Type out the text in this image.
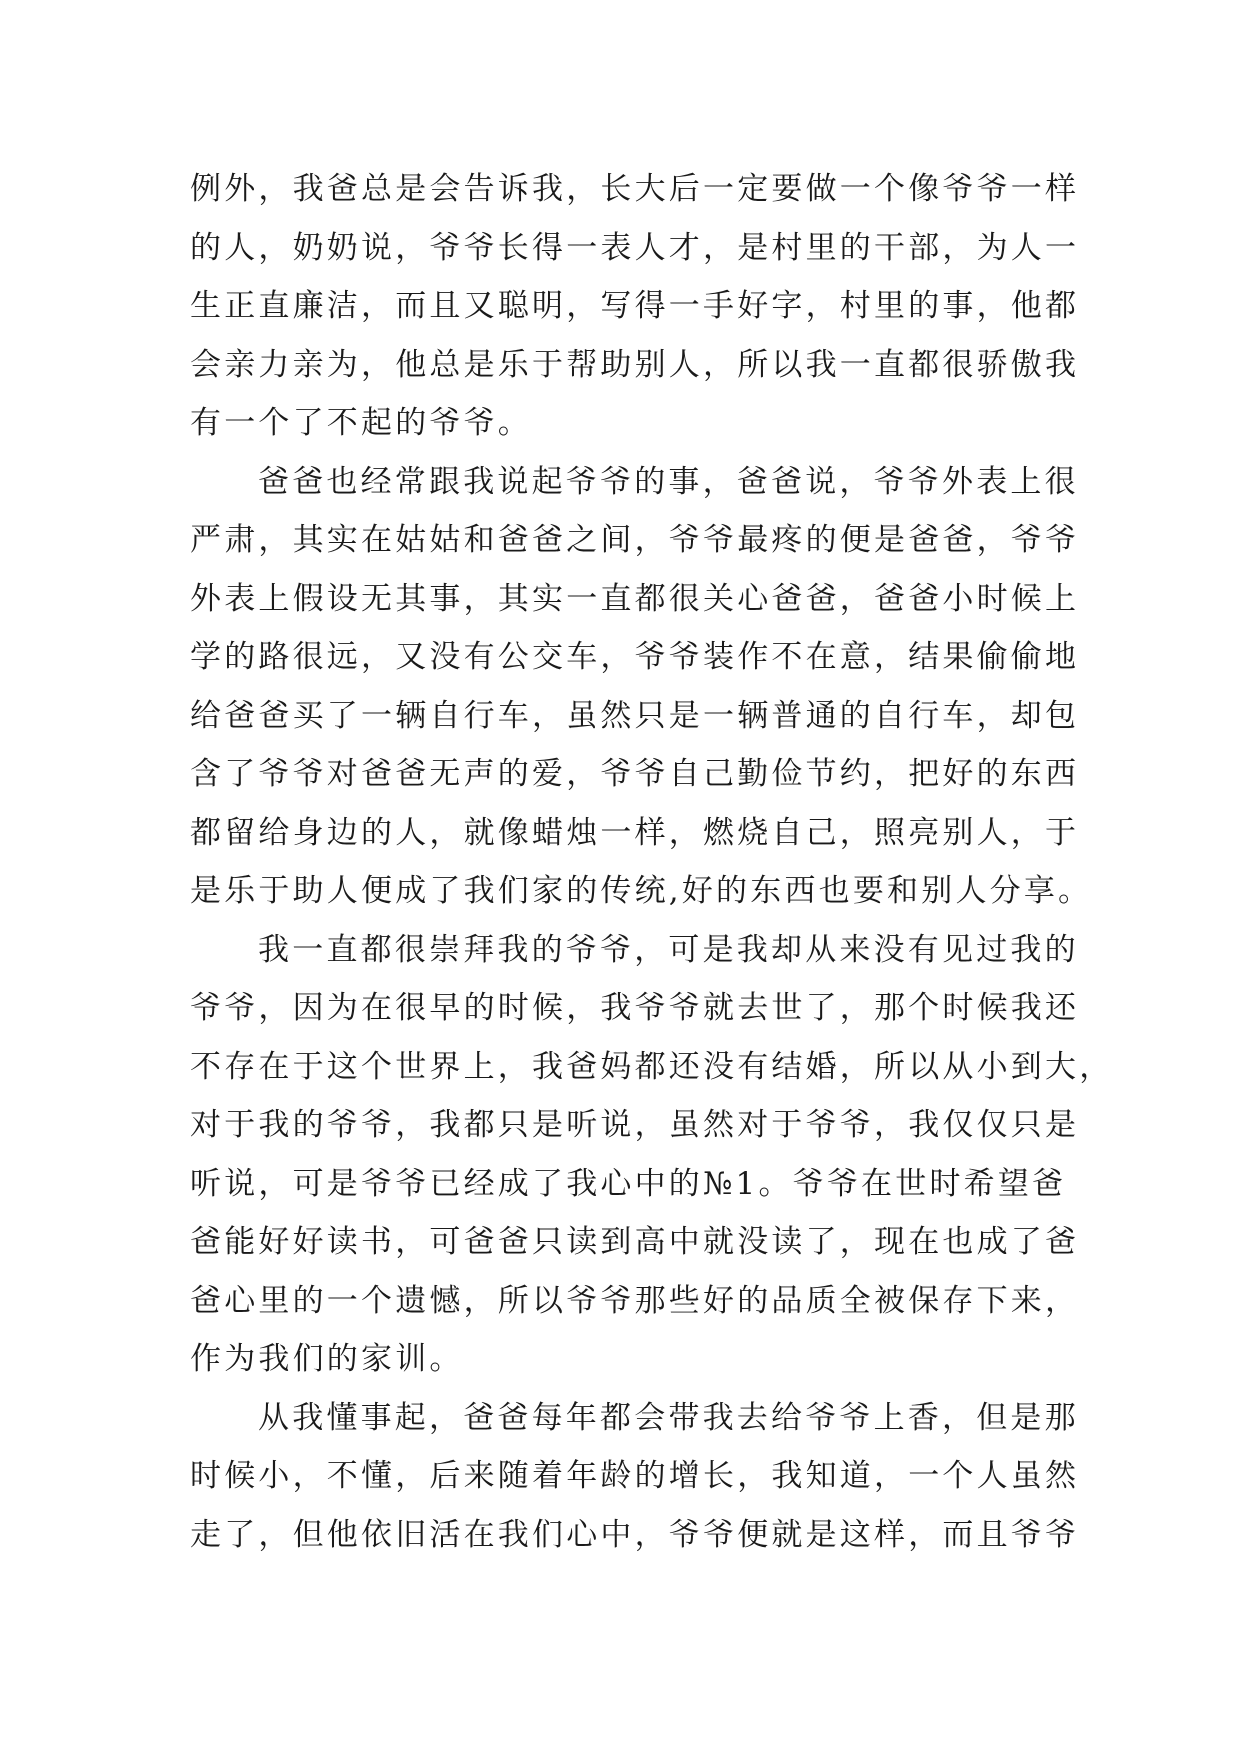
例外，我爸总是会告诉我，长大后一定要做一个像爷爷一样
的人，奶奶说，爷爷长得一表人才，是村里的干部，为人一
生正直廉洁，而且又聪明，写得一手好字，村里的事，他都
会亲力亲为，他总是乐于帮助别人，所以我一直都很骄傲我
有一个了不起的爷爷。
爸爸也经常跟我说起爷爷的事，爸爸说，爷爷外表上很
严肃，其实在姑姑和爸爸之间，爷爷最疼的便是爸爸，爷爷
外表上假设无其事，其实一直都很关心爸爸，爸爸小时候上
学的路很远，又没有公交车，爷爷装作不在意，结果偷偷地
给爸爸买了一辆自行车，虽然只是一辆普通的自行车，却包
含了爷爷对爸爸无声的爱，爷爷自己勤俭节约，把好的东西
都留给身边的人，就像蜡烛一样，燃烧自己，照亮别人，于
是乐于助人便成了我们家的传统,好的东西也要和别人分享。
我一直都很崇拜我的爷爷，可是我却从来没有见过我的
爷爷，因为在很早的时候，我爷爷就去世了，那个时候我还
不存在于这个世界上，我爸妈都还没有结婚，所以从小到大，
对于我的爷爷，我都只是听说，虽然对于爷爷，我仅仅只是
听说，可是爷爷已经成了我心中的№1。爷爷在世时希望爸
爸能好好读书，可爸爸只读到高中就没读了，现在也成了爸
爸心里的一个遗憾，所以爷爷那些好的品质全被保存下来，
作为我们的家训。
从我懂事起，爸爸每年都会带我去给爷爷上香，但是那
时候小，不懂，后来随着年龄的增长，我知道，一个人虽然
走了，但他依旧活在我们心中，爷爷便就是这样，而且爷爷
